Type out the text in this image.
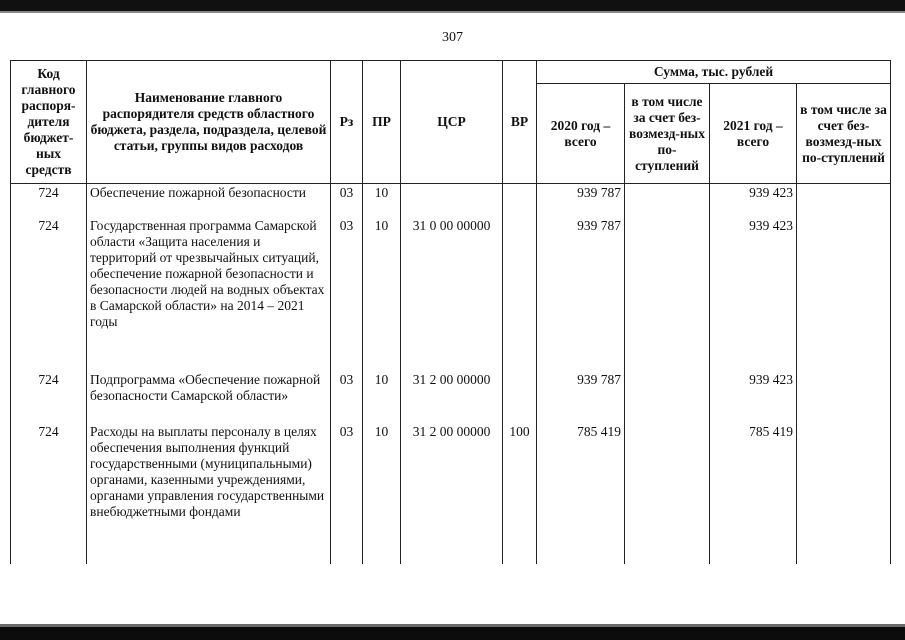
307
Код главного распоря-дителя бюджет-ных средств	Наименование главного распорядителя средств областного бюджета, раздела, подраздела, целевой статьи, группы видов расходов	Рз	ПР	ЦСР	ВР	Сумма, тыс. рублей			
						2020 год – всего	в том числе за счет без-возмезд-ных по-ступлений	2021 год – всего	в том числе за счет без-возмезд-ных по-ступлений
724	Обеспечение пожарной безопасности	03	10			939 787		939 423	
724	Государственная программа Самарской области «Защита населения и территорий от чрезвычайных ситуаций, обеспечение пожарной безопасности и безопасности людей на водных объектах в Самарской области» на 2014 – 2021 годы	03	10	31 0 00 00000		939 787		939 423	
724	Подпрограмма «Обеспечение пожарной безопасности Самарской области»	03	10	31 2 00 00000		939 787		939 423	
724	Расходы на выплаты персоналу в целях обеспечения выполнения функций государственными (муниципальными) органами, казенными учреждениями, органами управления государственными внебюджетными фондами	03	10	31 2 00 00000	100	785 419		785 419	
